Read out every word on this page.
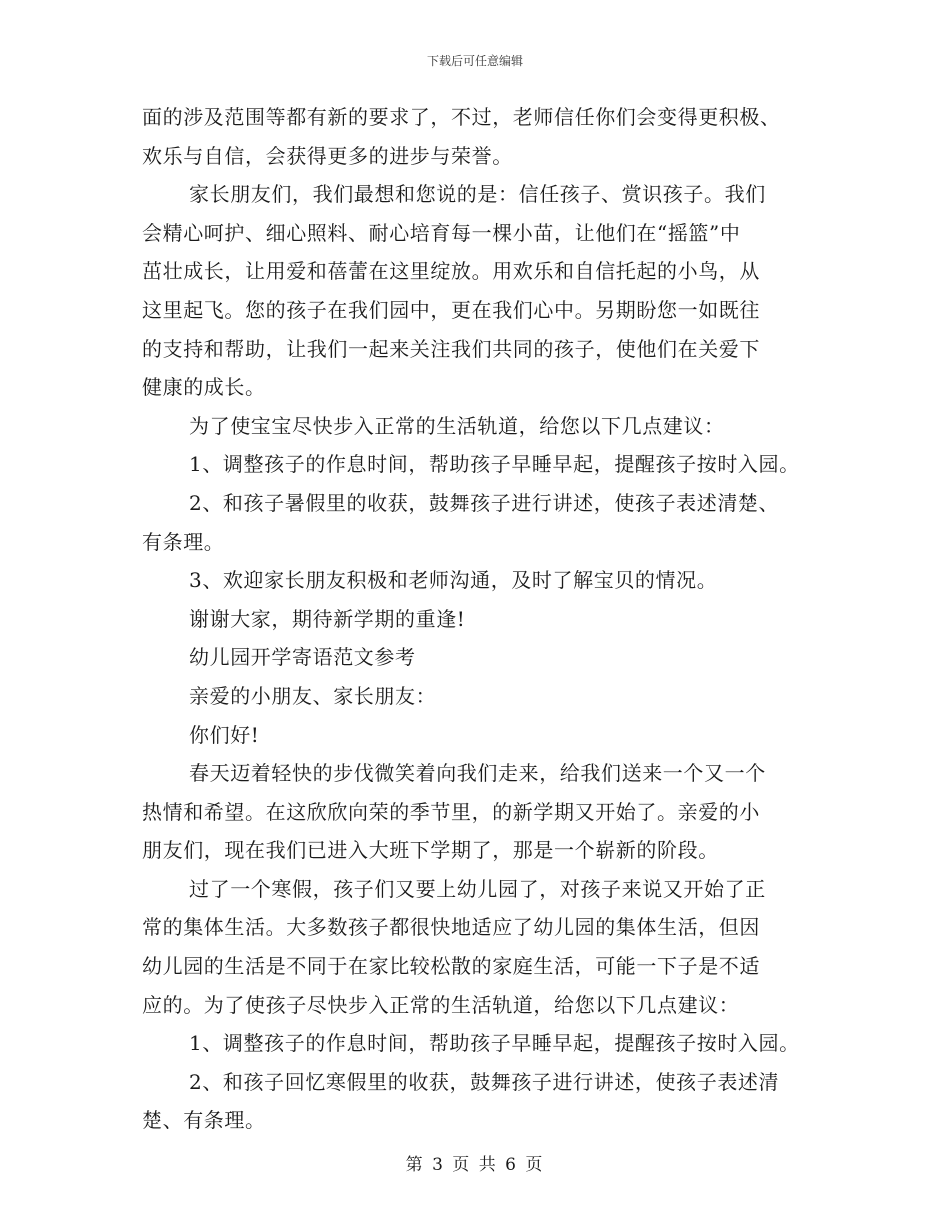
下载后可任意编辑
面的涉及范围等都有新的要求了，不过，老师信任你们会变得更积极、
欢乐与自信，会获得更多的进步与荣誉。
家长朋友们，我们最想和您说的是：信任孩子、赏识孩子。我们
会精心呵护、细心照料、耐心培育每一棵小苗，让他们在“摇篮”中
茁壮成长，让用爱和蓓蕾在这里绽放。用欢乐和自信托起的小鸟，从
这里起飞。您的孩子在我们园中，更在我们心中。另期盼您一如既往
的支持和帮助，让我们一起来关注我们共同的孩子，使他们在关爱下
健康的成长。
为了使宝宝尽快步入正常的生活轨道，给您以下几点建议：
1、调整孩子的作息时间，帮助孩子早睡早起，提醒孩子按时入园。
2、和孩子暑假里的收获，鼓舞孩子进行讲述，使孩子表述清楚、
有条理。
3、欢迎家长朋友积极和老师沟通，及时了解宝贝的情况。
谢谢大家，期待新学期的重逢!
幼儿园开学寄语范文参考
亲爱的小朋友、家长朋友：
你们好!
春天迈着轻快的步伐微笑着向我们走来，给我们送来一个又一个
热情和希望。在这欣欣向荣的季节里，的新学期又开始了。亲爱的小
朋友们，现在我们已进入大班下学期了，那是一个崭新的阶段。
过了一个寒假，孩子们又要上幼儿园了，对孩子来说又开始了正
常的集体生活。大多数孩子都很快地适应了幼儿园的集体生活，但因
幼儿园的生活是不同于在家比较松散的家庭生活，可能一下子是不适
应的。为了使孩子尽快步入正常的生活轨道，给您以下几点建议：
1、调整孩子的作息时间，帮助孩子早睡早起，提醒孩子按时入园。
2、和孩子回忆寒假里的收获，鼓舞孩子进行讲述，使孩子表述清
楚、有条理。
第 3 页 共 6 页
